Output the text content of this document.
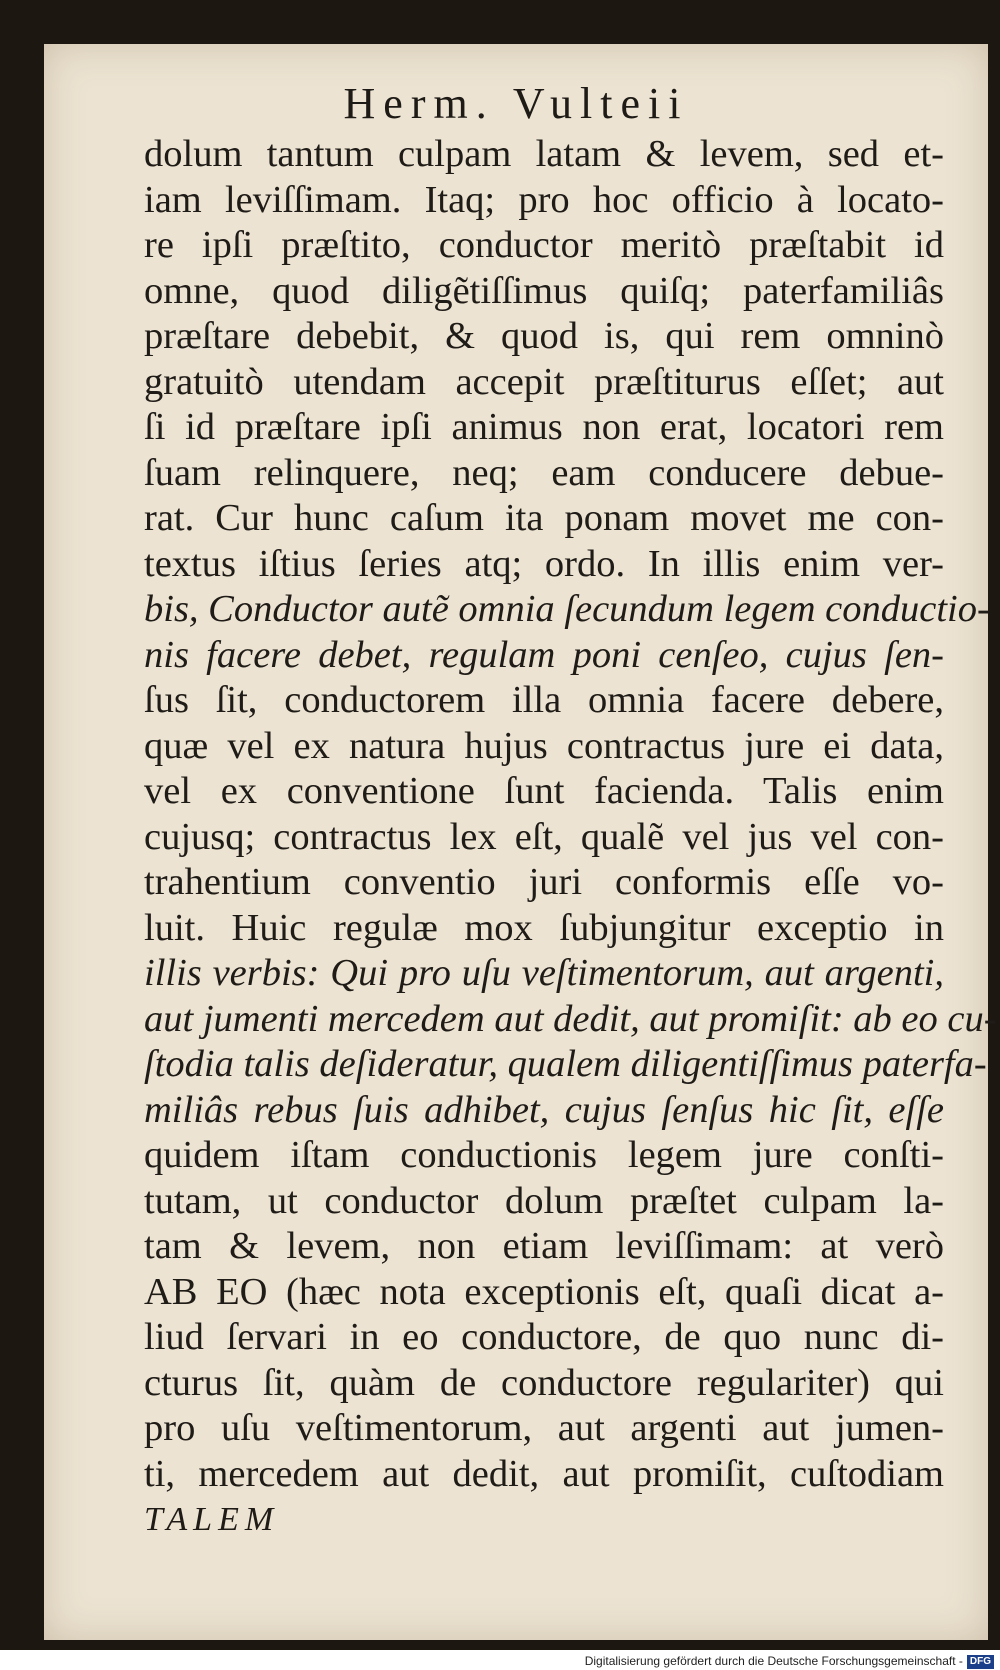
Herm. Vulteii
dolum tantum culpam latam & levem, sed et-
iam leviſſimam. Itaq; pro hoc officio à locato-
re ipſi præſtito, conductor meritò præſtabit id
omne, quod diligẽtiſſimus quiſq; paterfamiliâs
præſtare debebit, & quod is, qui rem omninò
gratuitò utendam accepit præſtiturus eſſet; aut
ſi id præſtare ipſi animus non erat, locatori rem
ſuam relinquere, neq; eam conducere debue-
rat. Cur hunc caſum ita ponam movet me con-
textus iſtius ſeries atq; ordo. In illis enim ver-
bis, Conductor autẽ omnia ſecundum legem conductio-
nis facere debet, regulam poni cenſeo, cujus ſen-
ſus ſit, conductorem illa omnia facere debere,
quæ vel ex natura hujus contractus jure ei data,
vel ex conventione ſunt facienda. Talis enim
cujusq; contractus lex eſt, qualẽ vel jus vel con-
trahentium conventio juri conformis eſſe vo-
luit. Huic regulæ mox ſubjungitur exceptio in
illis verbis: Qui pro uſu veſtimentorum, aut argenti,
aut jumenti mercedem aut dedit, aut promiſit: ab eo cu-
ſtodia talis deſideratur, qualem diligentiſſimus paterfa-
miliâs rebus ſuis adhibet, cujus ſenſus hic ſit, eſſe
quidem iſtam conductionis legem jure conſti-
tutam, ut conductor dolum præſtet culpam la-
tam & levem, non etiam leviſſimam: at verò
AB EO (hæc nota exceptionis eſt, quaſi dicat a-
liud ſervari in eo conductore, de quo nunc di-
cturus ſit, quàm de conductore regulariter) qui
pro uſu veſtimentorum, aut argenti aut jumen-
ti, mercedem aut dedit, aut promiſit, cuſtodiam
TALEM
Digitalisierung gefördert durch die Deutsche Forschungsgemeinschaft - DFG
